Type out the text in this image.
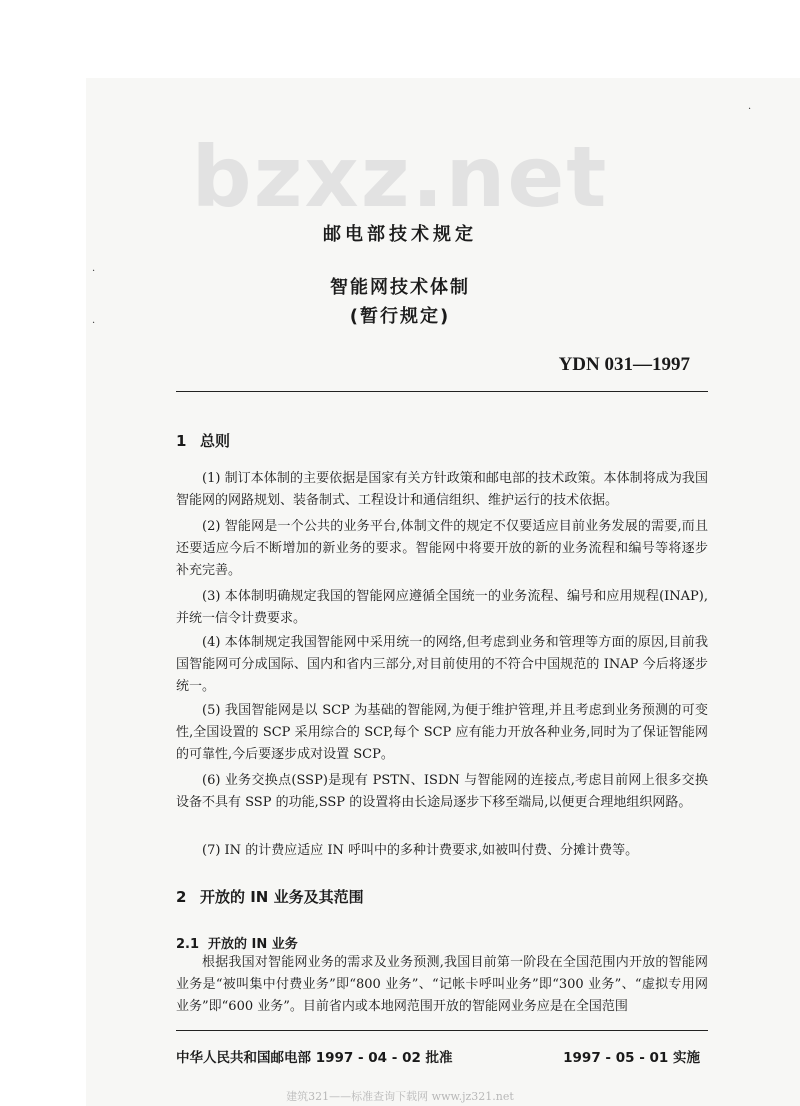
bzxz.net
·
·
·
邮电部技术规定
智能网技术体制
(暂行规定)
YDN 031—1997
1 总则

(1) 制订本体制的主要依据是国家有关方针政策和邮电部的技术政策。本体制将成为我国智能网的网路规划、装备制式、工程设计和通信组织、维护运行的技术依据。

(2) 智能网是一个公共的业务平台,体制文件的规定不仅要适应目前业务发展的需要,而且还要适应今后不断增加的新业务的要求。智能网中将要开放的新的业务流程和编号等将逐步补充完善。

(3) 本体制明确规定我国的智能网应遵循全国统一的业务流程、编号和应用规程(INAP),并统一信令计费要求。

(4) 本体制规定我国智能网中采用统一的网络,但考虑到业务和管理等方面的原因,目前我国智能网可分成国际、国内和省内三部分,对目前使用的不符合中国规范的 INAP 今后将逐步统一。

(5) 我国智能网是以 SCP 为基础的智能网,为便于维护管理,并且考虑到业务预测的可变性,全国设置的 SCP 采用综合的 SCP,每个 SCP 应有能力开放各种业务,同时为了保证智能网的可靠性,今后要逐步成对设置 SCP。

(6) 业务交换点(SSP)是现有 PSTN、ISDN 与智能网的连接点,考虑目前网上很多交换设备不具有 SSP 的功能,SSP 的设置将由长途局逐步下移至端局,以便更合理地组织网路。

(7) IN 的计费应适应 IN 呼叫中的多种计费要求,如被叫付费、分摊计费等。

2 开放的 IN 业务及其范围
2.1 开放的 IN 业务

根据我国对智能网业务的需求及业务预测,我国目前第一阶段在全国范围内开放的智能网业务是“被叫集中付费业务”即“800 业务”、“记帐卡呼叫业务”即“300 业务”、“虚拟专用网业务”即“600 业务”。目前省内或本地网范围开放的智能网业务应是在全国范围

中华人民共和国邮电部 1997 - 04 - 02 批准	1997 - 05 - 01 实施
建筑321——标准查询下载网 www.jz321.net
